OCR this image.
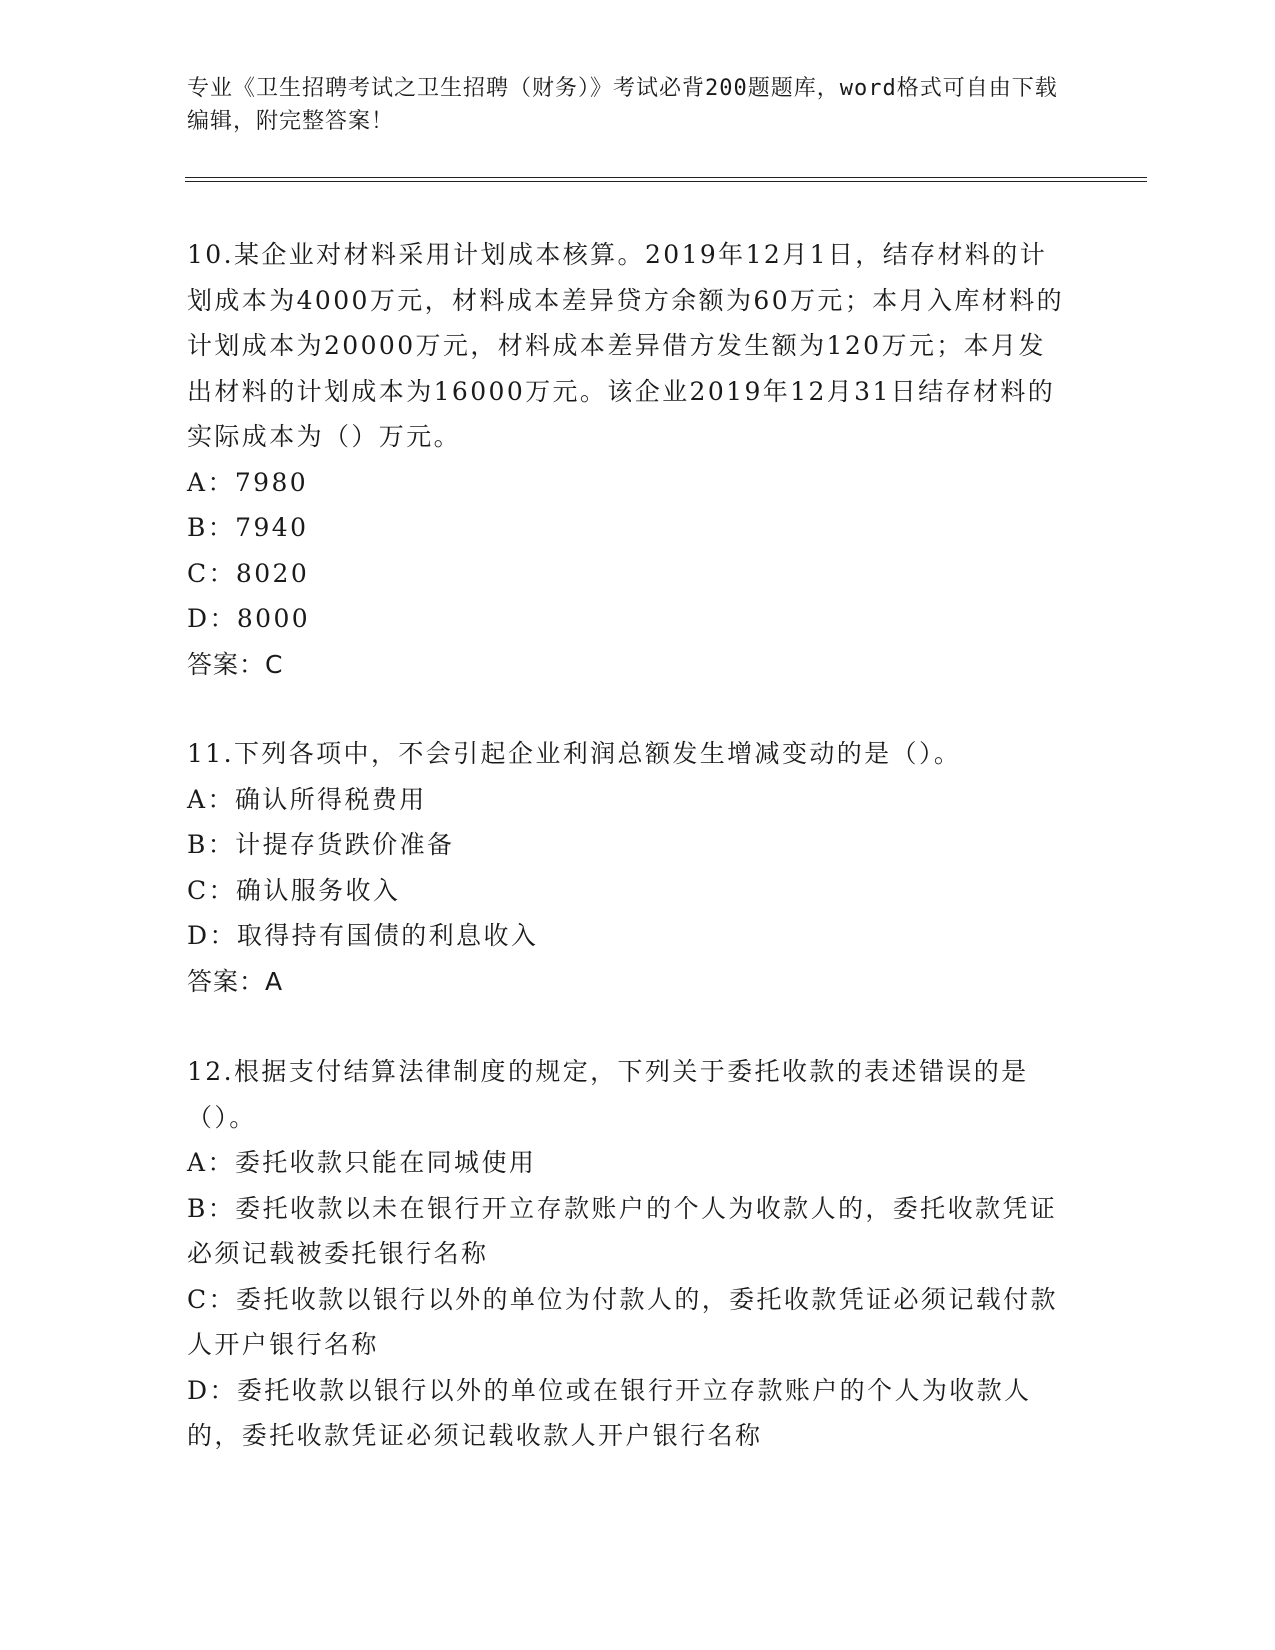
专业《卫生招聘考试之卫生招聘（财务）》考试必背200题题库，word格式可自由下载编辑，附完整答案！

10.某企业对材料采用计划成本核算。2019年12月1日，结存材料的计划成本为4000万元，材料成本差异贷方余额为60万元；本月入库材料的计划成本为20000万元，材料成本差异借方发生额为120万元；本月发出材料的计划成本为16000万元。该企业2019年12月31日结存材料的实际成本为（）万元。

A：7980

B：7940

C：8020

D：8000

答案：C

11.下列各项中，不会引起企业利润总额发生增减变动的是（）。

A：确认所得税费用

B：计提存货跌价准备

C：确认服务收入

D：取得持有国债的利息收入

答案：A

12.根据支付结算法律制度的规定，下列关于委托收款的表述错误的是（）。

A：委托收款只能在同城使用

B：委托收款以未在银行开立存款账户的个人为收款人的，委托收款凭证必须记载被委托银行名称

C：委托收款以银行以外的单位为付款人的，委托收款凭证必须记载付款人开户银行名称

D：委托收款以银行以外的单位或在银行开立存款账户的个人为收款人的，委托收款凭证必须记载收款人开户银行名称
